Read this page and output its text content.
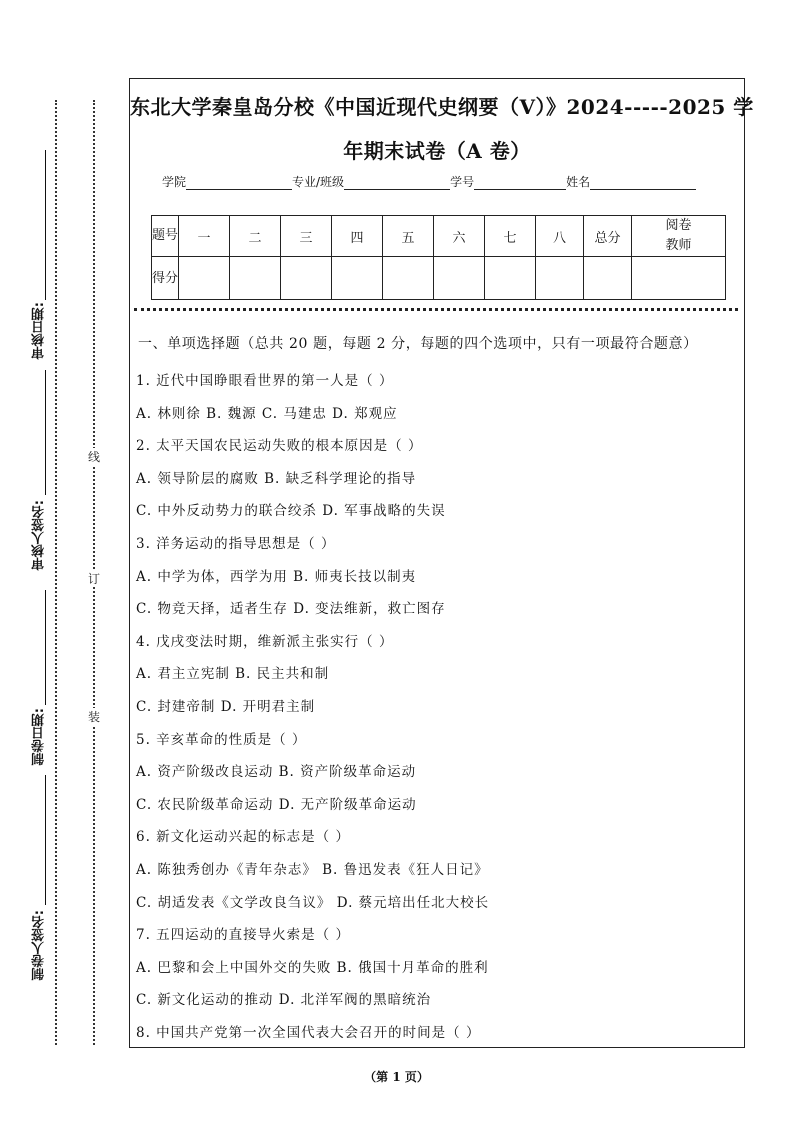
审核日期:
审核人签名:
制卷日期:
制卷人签名:
线
订
装
东北大学秦皇岛分校《中国近现代史纲要（V）》2024-----2025 学
年期末试卷（A 卷）
学院	专业/班级	学号	姓名
题号	一	二	三	四	五	六	七	八	总分	阅卷教师
得分										
一、单项选择题（总共 20 题，每题 2 分，每题的四个选项中，只有一项最符合题意）
1. 近代中国睁眼看世界的第一人是（ ）
A. 林则徐 B. 魏源 C. 马建忠 D. 郑观应
2. 太平天国农民运动失败的根本原因是（ ）
A. 领导阶层的腐败 B. 缺乏科学理论的指导
C. 中外反动势力的联合绞杀 D. 军事战略的失误
3. 洋务运动的指导思想是（ ）
A. 中学为体，西学为用 B. 师夷长技以制夷
C. 物竞天择，适者生存 D. 变法维新，救亡图存
4. 戊戌变法时期，维新派主张实行（ ）
A. 君主立宪制 B. 民主共和制
C. 封建帝制 D. 开明君主制
5. 辛亥革命的性质是（ ）
A. 资产阶级改良运动 B. 资产阶级革命运动
C. 农民阶级革命运动 D. 无产阶级革命运动
6. 新文化运动兴起的标志是（ ）
A. 陈独秀创办《青年杂志》 B. 鲁迅发表《狂人日记》
C. 胡适发表《文学改良刍议》 D. 蔡元培出任北大校长
7. 五四运动的直接导火索是（ ）
A. 巴黎和会上中国外交的失败 B. 俄国十月革命的胜利
C. 新文化运动的推动 D. 北洋军阀的黑暗统治
8. 中国共产党第一次全国代表大会召开的时间是（ ）
（第 1 页）
